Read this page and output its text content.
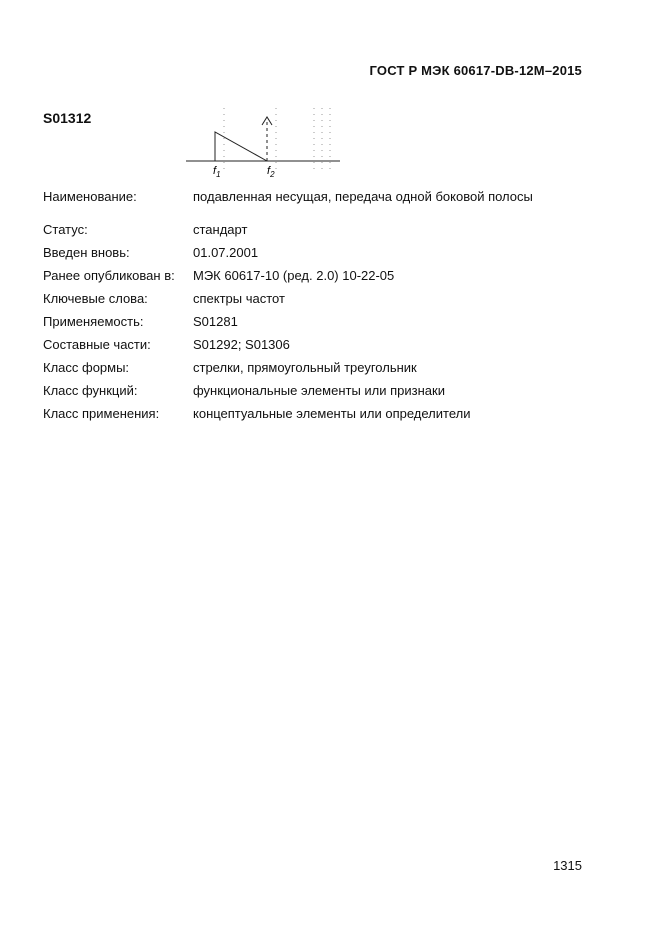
ГОСТ Р МЭК 60617-DB-12М–2015
S01312
$f_1$	$f_2$
Наименование:	подавленная несущая, передача одной боковой полосы
Статус:	стандарт
Введен вновь:	01.07.2001
Ранее опубликован в: МЭК 60617-10 (ред. 2.0) 10-22-05
Ключевые слова:	спектры частот
Применяемость:	S01281
Составные части:	S01292; S01306
Класс формы:	стрелки, прямоугольный треугольник
Класс функций:	функциональные элементы или признаки
Класс применения:	концептуальные элементы или определители
1315
